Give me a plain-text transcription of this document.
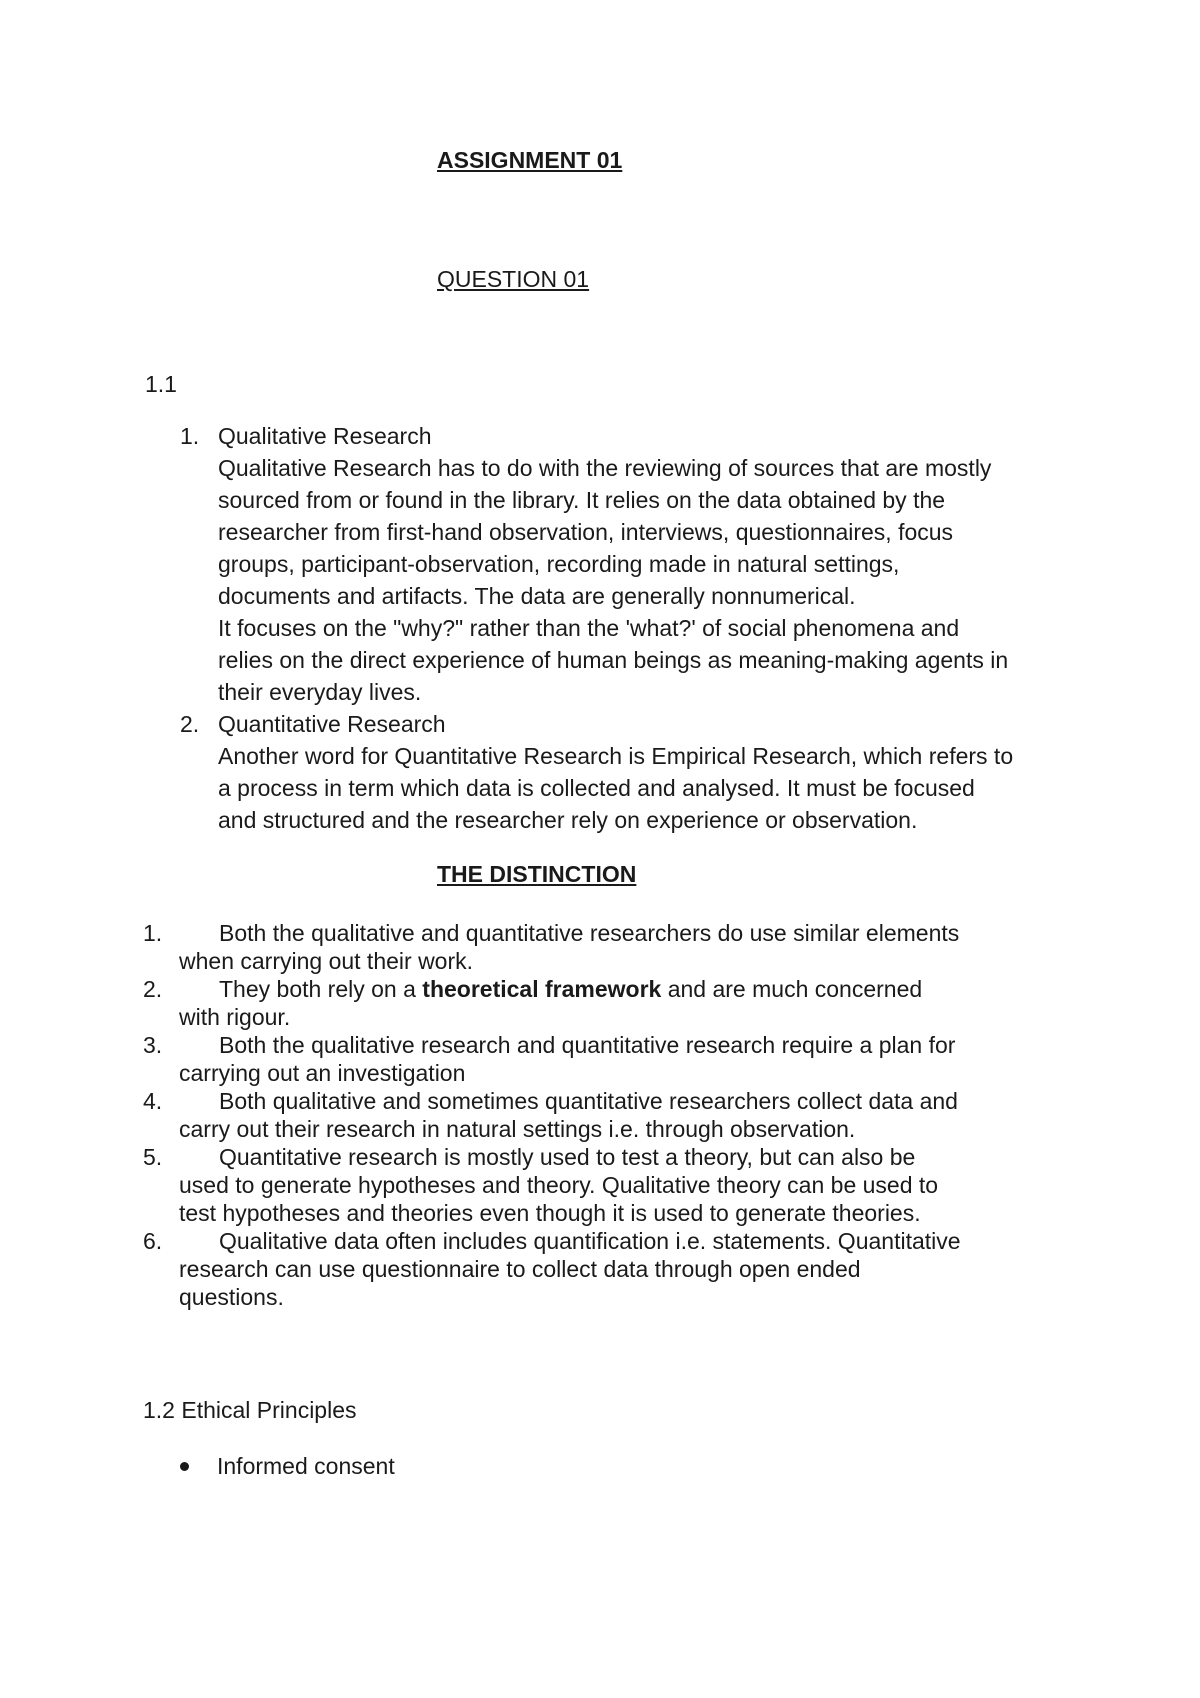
ASSIGNMENT 01
QUESTION 01
1.1
1. Qualitative Research
Qualitative Research has to do with the reviewing of sources that are mostly
sourced from or found in the library. It relies on the data obtained by the
researcher from first-hand observation, interviews, questionnaires, focus
groups, participant-observation, recording made in natural settings,
documents and artifacts. The data are generally nonnumerical.
It focuses on the "why?" rather than the 'what?' of social phenomena and
relies on the direct experience of human beings as meaning-making agents in
their everyday lives.
2. Quantitative Research
Another word for Quantitative Research is Empirical Research, which refers to
a process in term which data is collected and analysed. It must be focused
and structured and the researcher rely on experience or observation.
THE DISTINCTION
1.	Both the qualitative and quantitative researchers do use similar elements
when carrying out their work.
2.	They both rely on a theoretical framework and are much concerned
with rigour.
3.	Both the qualitative research and quantitative research require a plan for
carrying out an investigation
4.	Both qualitative and sometimes quantitative researchers collect data and
carry out their research in natural settings i.e. through observation.
5.	Quantitative research is mostly used to test a theory, but can also be
used to generate hypotheses and theory. Qualitative theory can be used to
test hypotheses and theories even though it is used to generate theories.
6.	Qualitative data often includes quantification i.e. statements. Quantitative
research can use questionnaire to collect data through open ended
questions.
1.2 Ethical Principles
Informed consent
